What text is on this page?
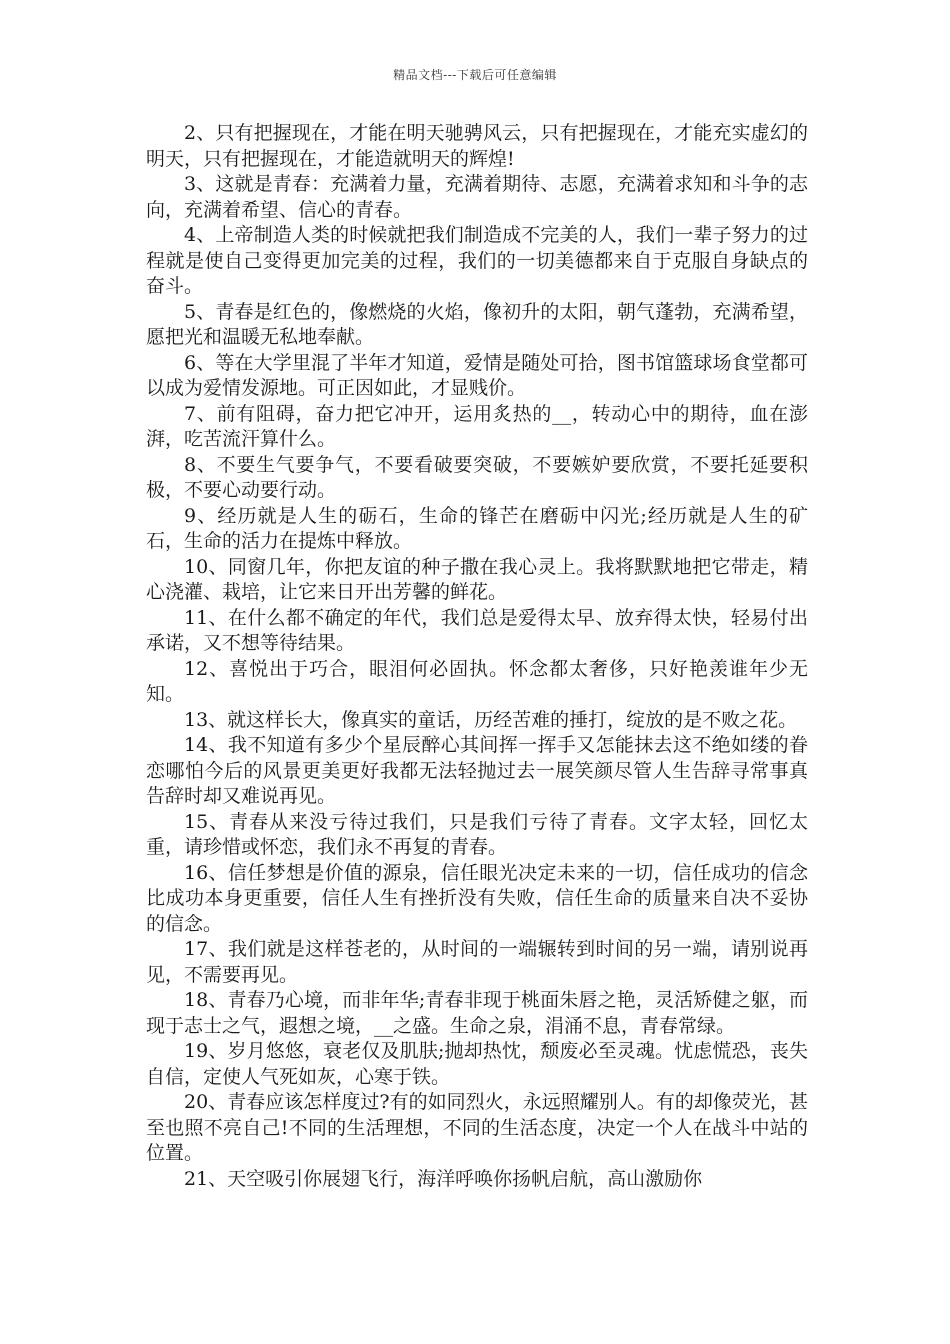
精品文档---下载后可任意编辑

2、只有把握现在，才能在明天驰骋风云，只有把握现在，才能充实虚幻的明天，只有把握现在，才能造就明天的辉煌!

3、这就是青春：充满着力量，充满着期待、志愿，充满着求知和斗争的志向，充满着希望、信心的青春。

4、上帝制造人类的时候就把我们制造成不完美的人，我们一辈子努力的过程就是使自己变得更加完美的过程，我们的一切美德都来自于克服自身缺点的奋斗。

5、青春是红色的，像燃烧的火焰，像初升的太阳，朝气蓬勃，充满希望，愿把光和温暖无私地奉献。

6、等在大学里混了半年才知道，爱情是随处可拾，图书馆篮球场食堂都可以成为爱情发源地。可正因如此，才显贱价。

7、前有阻碍，奋力把它冲开，运用炙热的__，转动心中的期待，血在澎湃，吃苦流汗算什么。

8、不要生气要争气，不要看破要突破，不要嫉妒要欣赏，不要托延要积极，不要心动要行动。

9、经历就是人生的砺石，生命的锋芒在磨砺中闪光;经历就是人生的矿石，生命的活力在提炼中释放。

10、同窗几年，你把友谊的种子撒在我心灵上。我将默默地把它带走，精心浇灌、栽培，让它来日开出芳馨的鲜花。

11、在什么都不确定的年代，我们总是爱得太早、放弃得太快，轻易付出承诺，又不想等待结果。

12、喜悦出于巧合，眼泪何必固执。怀念都太奢侈，只好艳羡谁年少无知。

13、就这样长大，像真实的童话，历经苦难的捶打，绽放的是不败之花。

14、我不知道有多少个星辰醉心其间挥一挥手又怎能抹去这不绝如缕的眷恋哪怕今后的风景更美更好我都无法轻抛过去一展笑颜尽管人生告辞寻常事真告辞时却又难说再见。

15、青春从来没亏待过我们，只是我们亏待了青春。文字太轻，回忆太重，请珍惜或怀恋，我们永不再复的青春。

16、信任梦想是价值的源泉，信任眼光决定未来的一切，信任成功的信念比成功本身更重要，信任人生有挫折没有失败，信任生命的质量来自决不妥协的信念。

17、我们就是这样苍老的，从时间的一端辗转到时间的另一端，请别说再见，不需要再见。

18、青春乃心境，而非年华;青春非现于桃面朱唇之艳，灵活矫健之躯，而现于志士之气，遐想之境，__之盛。生命之泉，涓涌不息，青春常绿。

19、岁月悠悠，衰老仅及肌肤;抛却热忱，颓废必至灵魂。忧虑慌恐，丧失自信，定使人气死如灰，心寒于铁。

20、青春应该怎样度过?有的如同烈火，永远照耀别人。有的却像荧光，甚至也照不亮自己!不同的生活理想，不同的生活态度，决定一个人在战斗中站的位置。

21、天空吸引你展翅飞行，海洋呼唤你扬帆启航，高山激励你
